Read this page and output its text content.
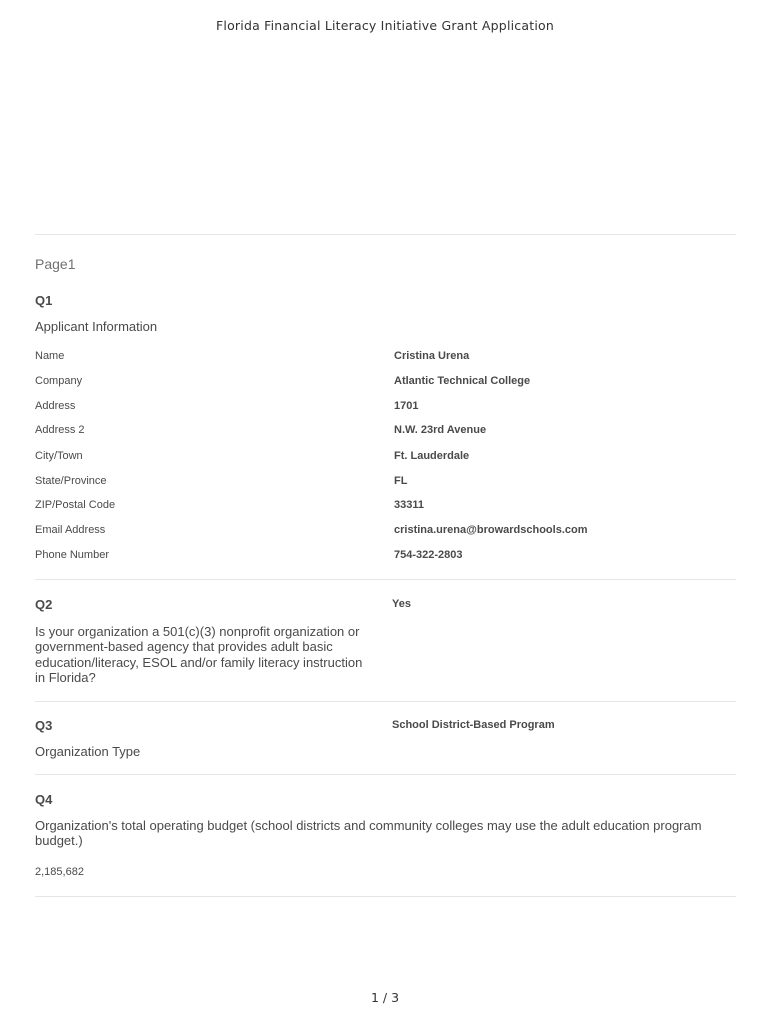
Florida Financial Literacy Initiative Grant Application
Page1
Q1
Applicant Information
Name	Cristina Urena
Company	Atlantic Technical College
Address	1701
Address 2	N.W. 23rd Avenue
City/Town	Ft. Lauderdale
State/Province	FL
ZIP/Postal Code	33311
Email Address	cristina.urena@browardschools.com
Phone Number	754-322-2803
Q2	Yes
Is your organization a 501(c)(3) nonprofit organization or
government-based agency that provides adult basic
education/literacy, ESOL and/or family literacy instruction
in Florida?
Q3	School District-Based Program
Organization Type
Q4
Organization's total operating budget (school districts and community colleges may use the adult education program
budget.)
2,185,682
1 / 3
